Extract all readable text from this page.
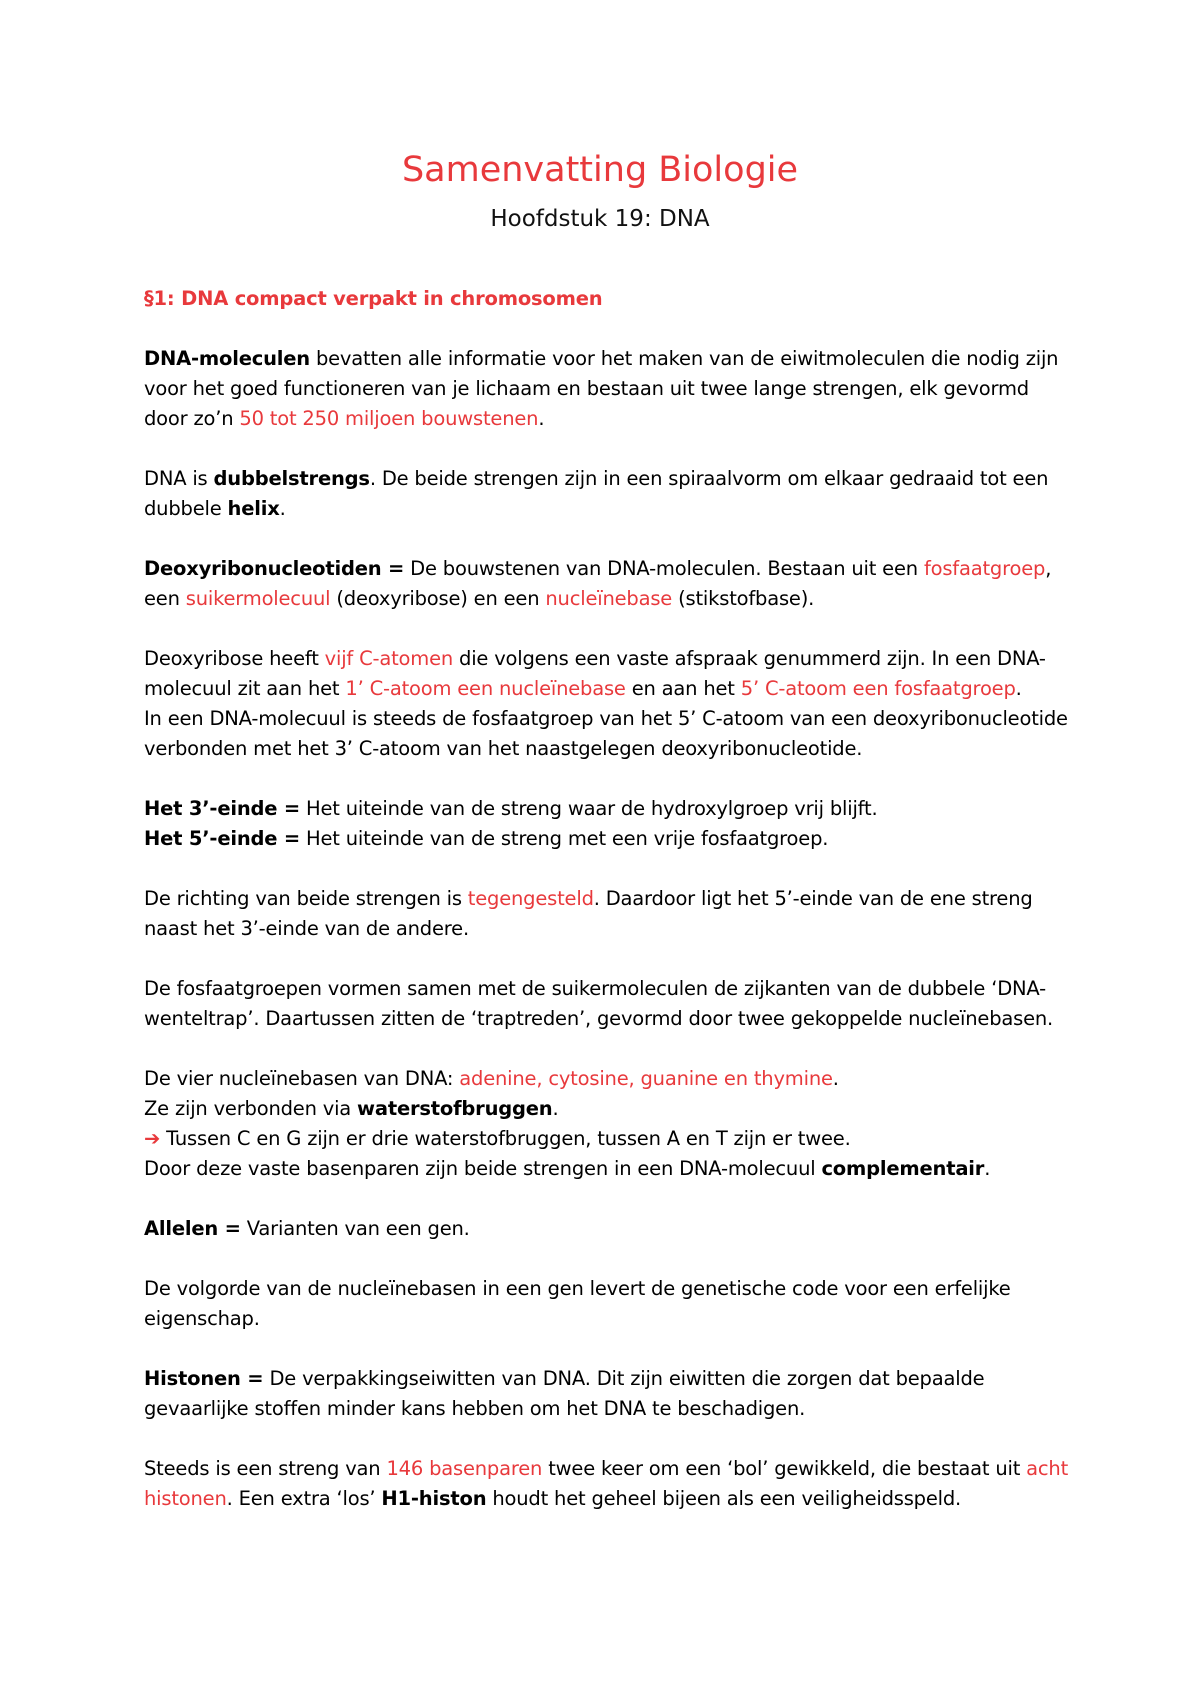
Samenvatting Biologie
Hoofdstuk 19: DNA

§1: DNA compact verpakt in chromosomen

DNA-moleculen bevatten alle informatie voor het maken van de eiwitmoleculen die nodig zijn voor het goed functioneren van je lichaam en bestaan uit twee lange strengen, elk gevormd door zo’n 50 tot 250 miljoen bouwstenen.

DNA is dubbelstrengs. De beide strengen zijn in een spiraalvorm om elkaar gedraaid tot een dubbele helix.

Deoxyribonucleotiden = De bouwstenen van DNA-moleculen. Bestaan uit een fosfaatgroep, een suikermolecuul (deoxyribose) en een nucleïnebase (stikstofbase).

Deoxyribose heeft vijf C-atomen die volgens een vaste afspraak genummerd zijn. In een DNA-molecuul zit aan het 1’ C-atoom een nucleïnebase en aan het 5’ C-atoom een fosfaatgroep.
In een DNA-molecuul is steeds de fosfaatgroep van het 5’ C-atoom van een deoxyribonucleotide verbonden met het 3’ C-atoom van het naastgelegen deoxyribonucleotide.

Het 3’-einde = Het uiteinde van de streng waar de hydroxylgroep vrij blijft.
Het 5’-einde = Het uiteinde van de streng met een vrije fosfaatgroep.

De richting van beide strengen is tegengesteld. Daardoor ligt het 5’-einde van de ene streng naast het 3’-einde van de andere.

De fosfaatgroepen vormen samen met de suikermoleculen de zijkanten van de dubbele ‘DNA-wenteltrap’. Daartussen zitten de ‘traptreden’, gevormd door twee gekoppelde nucleïnebasen.

De vier nucleïnebasen van DNA: adenine, cytosine, guanine en thymine.
Ze zijn verbonden via waterstofbruggen.
➔ Tussen C en G zijn er drie waterstofbruggen, tussen A en T zijn er twee.
Door deze vaste basenparen zijn beide strengen in een DNA-molecuul complementair.

Allelen = Varianten van een gen.

De volgorde van de nucleïnebasen in een gen levert de genetische code voor een erfelijke eigenschap.

Histonen = De verpakkingseiwitten van DNA. Dit zijn eiwitten die zorgen dat bepaalde gevaarlijke stoffen minder kans hebben om het DNA te beschadigen.

Steeds is een streng van 146 basenparen twee keer om een ‘bol’ gewikkeld, die bestaat uit acht histonen. Een extra ‘los’ H1-histon houdt het geheel bijeen als een veiligheidsspeld.
